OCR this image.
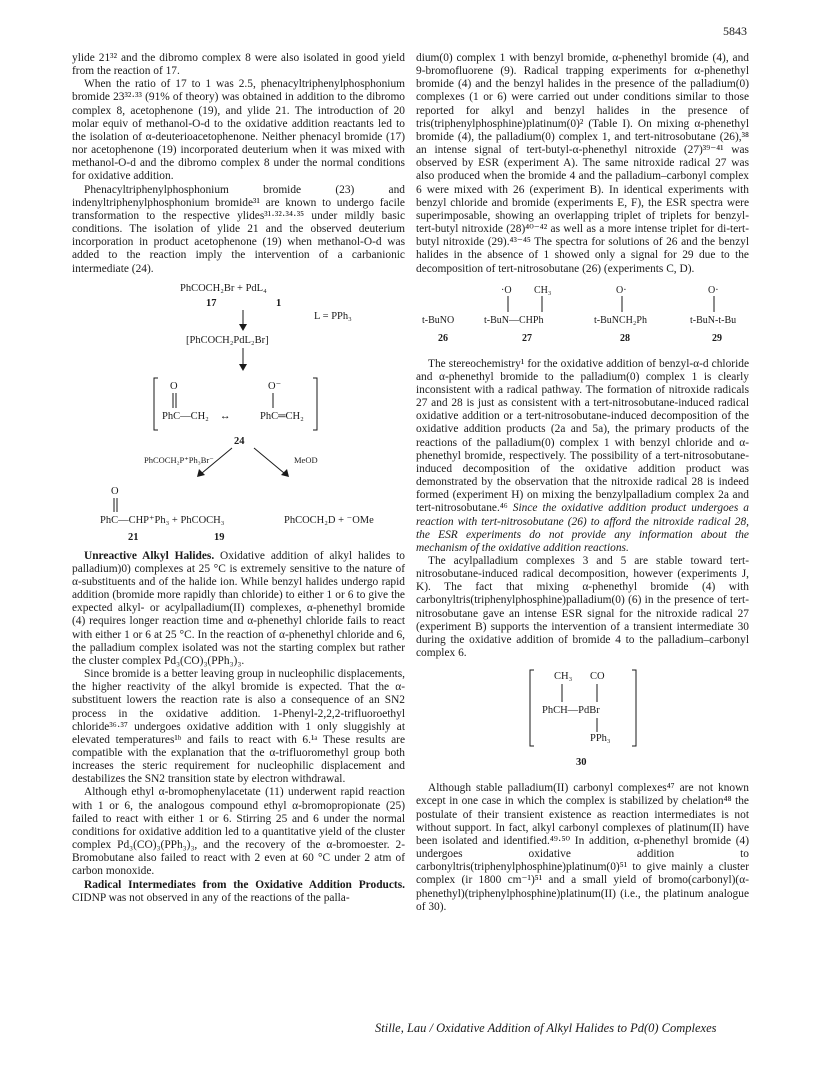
5843

ylide 21³² and the dibromo complex 8 were also isolated in good yield from the reaction of 17.

When the ratio of 17 to 1 was 2.5, phenacyltriphenylphosphonium bromide 23³²·³³ (91% of theory) was obtained in addition to the dibromo complex 8, acetophenone (19), and ylide 21. The introduction of 20 molar equiv of methanol-O-d to the oxidative addition reactants led to the isolation of α-deuterioacetophenone. Neither phenacyl bromide (17) nor acetophenone (19) incorporated deuterium when it was mixed with methanol-O-d and the dibromo complex 8 under the normal conditions for oxidative addition.

Phenacyltriphenylphosphonium bromide (23) and indenyltriphenylphosphonium bromide³¹ are known to undergo facile transformation to the respective ylides³¹·³²·³⁴·³⁵ under mildly basic conditions. The isolation of ylide 21 and the observed deuterium incorporation in product acetophenone (19) when methanol-O-d was added to the reaction imply the intervention of a carbanionic intermediate (24).

PhCOCH₂Br + PdL₄
17	1
L = PPh₃
[PhCOCH₂PdL₂Br]
O	O⁻
PhC—CH₂ ↔	PhC═CH₂
24
PhCOCH₂P⁺Ph₃Br⁻	MeOD
O
PhC—CHP⁺Ph₃ + PhCOCH₃	PhCOCH₂D + ⁻OMe
21	19

Unreactive Alkyl Halides. Oxidative addition of alkyl halides to palladium)0) complexes at 25 °C is extremely sensitive to the nature of α-substituents and of the halide ion. While benzyl halides undergo rapid addition (bromide more rapidly than chloride) to either 1 or 6 to give the expected alkyl- or acylpalladium(II) complexes, α-phenethyl bromide (4) requires longer reaction time and α-phenethyl chloride fails to react with either 1 or 6 at 25 °C. In the reaction of α-phenethyl chloride and 6, the palladium complex isolated was not the starting complex but rather the cluster complex Pd₃(CO)₃(PPh₃)₃.

Since bromide is a better leaving group in nucleophilic displacements, the higher reactivity of the alkyl bromide is expected. That the α-substituent lowers the reaction rate is also a consequence of an SN2 process in the oxidative addition. 1-Phenyl-2,2,2-trifluoroethyl chloride³⁶·³⁷ undergoes oxidative addition with 1 only sluggishly at elevated temperatures¹ᵇ and fails to react with 6.¹ᵃ These results are compatible with the explanation that the α-trifluoromethyl group both increases the steric requirement for nucleophilic displacement and destabilizes the SN2 transition state by electron withdrawal.

Although ethyl α-bromophenylacetate (11) underwent rapid reaction with 1 or 6, the analogous compound ethyl α-bromopropionate (25) failed to react with either 1 or 6. Stirring 25 and 6 under the normal conditions for oxidative addition led to a quantitative yield of the cluster complex Pd₃(CO)₃(PPh₃)₃, and the recovery of the α-bromoester. 2-Bromobutane also failed to react with 2 even at 60 °C under 2 atm of carbon monoxide.

Radical Intermediates from the Oxidative Addition Products. CIDNP was not observed in any of the reactions of the palla-

dium(0) complex 1 with benzyl bromide, α-phenethyl bromide (4), and 9-bromofluorene (9). Radical trapping experiments for α-phenethyl bromide (4) and the benzyl halides in the presence of the palladium(0) complexes (1 or 6) were carried out under conditions similar to those reported for alkyl and benzyl halides in the presence of tris(triphenylphosphine)platinum(0)² (Table I). On mixing α-phenethyl bromide (4), the palladium(0) complex 1, and tert-nitrosobutane (26),³⁸ an intense signal of tert-butyl-α-phenethyl nitroxide (27)³⁹⁻⁴¹ was observed by ESR (experiment A). The same nitroxide radical 27 was also produced when the bromide 4 and the palladium–carbonyl complex 6 were mixed with 26 (experiment B). In identical experiments with benzyl chloride and bromide (experiments E, F), the ESR spectra were superimposable, showing an overlapping triplet of triplets for benzyl-tert-butyl nitroxide (28)⁴⁰⁻⁴² as well as a more intense triplet for di-tert-butyl nitroxide (29).⁴³⁻⁴⁵ The spectra for solutions of 26 and the benzyl halides in the absence of 1 showed only a signal for 29 due to the decomposition of tert-nitrosobutane (26) (experiments C, D).

t-BuNO
26
·O CH₃
t-BuN—CHPh
27
O·
t-BuNCH₂Ph
28
O·
t-BuN-t-Bu
29

The stereochemistry¹ for the oxidative addition of benzyl-α-d chloride and α-phenethyl bromide to the palladium(0) complex 1 is clearly inconsistent with a radical pathway. The formation of nitroxide radicals 27 and 28 is just as consistent with a tert-nitrosobutane-induced radical oxidative addition or a tert-nitrosobutane-induced decomposition of the oxidative addition products (2a and 5a), the primary products of the reactions of the palladium(0) complex 1 with benzyl chloride and α-phenethyl bromide, respectively. The possibility of a tert-nitrosobutane-induced decomposition of the oxidative addition product was demonstrated by the observation that the nitroxide radical 28 is indeed formed (experiment H) on mixing the benzylpalladium complex 2a and tert-nitrosobutane.⁴⁶ Since the oxidative addition product undergoes a reaction with tert-nitrosobutane (26) to afford the nitroxide radical 28, the ESR experiments do not provide any information about the mechanism of the oxidative addition reactions.

The acylpalladium complexes 3 and 5 are stable toward tert-nitrosobutane-induced radical decomposition, however (experiments J, K). The fact that mixing α-phenethyl bromide (4) with carbonyltris(triphenylphosphine)palladium(0) (6) in the presence of tert-nitrosobutane gave an intense ESR signal for the nitroxide radical 27 (experiment B) supports the intervention of a transient intermediate 30 during the oxidative addition of bromide 4 to the palladium–carbonyl complex 6.

CH₃ CO
PhCH—PdBr
PPh₃
30

Although stable palladium(II) carbonyl complexes⁴⁷ are not known except in one case in which the complex is stabilized by chelation⁴⁸ the postulate of their transient existence as reaction intermediates is not without support. In fact, alkyl carbonyl complexes of platinum(II) have been isolated and identified.⁴⁹·⁵⁰ In addition, α-phenethyl bromide (4) undergoes oxidative addition to carbonyltris(triphenylphosphine)platinum(0)⁵¹ to give mainly a cluster complex (ir 1800 cm⁻¹)⁵¹ and a small yield of bromo(carbonyl)(α-phenethyl)(triphenylphosphine)platinum(II) (i.e., the platinum analogue of 30).

Stille, Lau / Oxidative Addition of Alkyl Halides to Pd(0) Complexes
